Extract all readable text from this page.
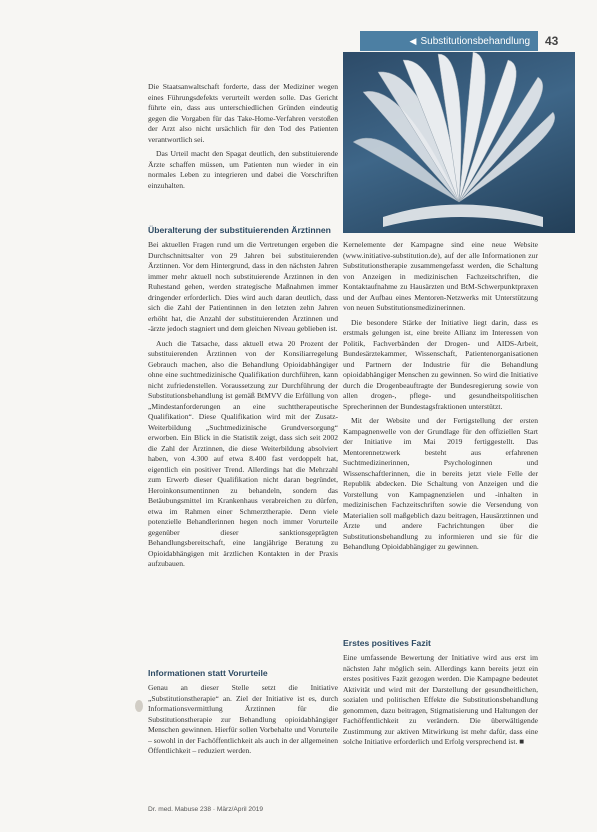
◀ Substitutionsbehandlung 43

Die Staatsanwaltschaft forderte, dass der Mediziner wegen eines Führungsdefekts verurteilt werden solle. Das Gericht führte ein, dass aus unterschiedlichen Gründen eindeutig gegen die Vorgaben für das Take-Home-Verfahren verstoßen der Arzt also nicht ursächlich für den Tod des Patienten verantwortlich sei.

Das Urteil macht den Spagat deutlich, den substituierende Ärzte schaffen müssen, um Patienten nun wieder in ein normales Leben zu integrieren und dabei die Vorschriften einzuhalten.

Überalterung der substituierenden Ärztinnen

Bei aktuellen Fragen rund um die Vertretungen ergeben die Durchschnittsalter von 29 Jahren bei substituierenden Ärztinnen. Vor dem Hintergrund, dass in den nächsten Jahren immer mehr aktuell noch substituierende Ärztinnen in den Ruhestand gehen, werden strategische Maßnahmen immer dringender erforderlich. Dies wird auch daran deutlich, dass sich die Zahl der Patientinnen in den letzten zehn Jahren erhöht hat, die Anzahl der substituierenden Ärztinnen und -ärzte jedoch stagniert und dem gleichen Niveau geblieben ist.

Auch die Tatsache, dass aktuell etwa 20 Prozent der substituierenden Ärztinnen von der Konsiliarregelung Gebrauch machen, also die Behandlung Opioidabhängiger ohne eine suchtmedizinische Qualifikation durchführen, kann nicht zufriedenstellen. Voraussetzung zur Durchführung der Substitutionsbehandlung ist gemäß BtMVV die Erfüllung von „Mindestanforderungen an eine suchttherapeutische Qualifikation“. Diese Qualifikation wird mit der Zusatz-Weiterbildung „Suchtmedizinische Grundversorgung“ erworben. Ein Blick in die Statistik zeigt, dass sich seit 2002 die Zahl der Ärztinnen, die diese Weiterbildung absolviert haben, von 4.300 auf etwa 8.400 fast verdoppelt hat, eigentlich ein positiver Trend. Allerdings hat die Mehrzahl zum Erwerb dieser Qualifikation nicht daran begründet, Heroinkonsumentinnen zu behandeln, sondern das Betäubungsmittel im Krankenhaus verabreichen zu dürfen, etwa im Rahmen einer Schmerztherapie. Denn viele potenzielle Behandlerinnen hegen noch immer Vorurteile gegenüber dieser sanktionsgeprägten Behandlungsbereitschaft, eine langjährige Beratung zu Opioidabhängigen mit ärztlichen Kontakten in der Praxis aufzubauen.

Informationen statt Vorurteile

Genau an dieser Stelle setzt die Initiative „Substitutionstherapie“ an. Ziel der Initiative ist es, durch Informationsvermittlung Ärztinnen für die Substitutionstherapie zur Behandlung opioidabhängiger Menschen gewinnen. Hierfür sollen Vorbehalte und Vorurteile – sowohl in der Fachöffentlichkeit als auch in der allgemeinen Öffentlichkeit – reduziert werden.

Kernelemente der Kampagne sind eine neue Website (www.initiative-substitution.de), auf der alle Informationen zur Substitutionstherapie zusammengefasst werden, die Schaltung von Anzeigen in medizinischen Fachzeitschriften, die Kontaktaufnahme zu Hausärzten und BtM-Schwerpunktpraxen und der Aufbau eines Mentoren-Netzwerks mit Unterstützung von neuen Substitutionsmedizinerinnen.

Die besondere Stärke der Initiative liegt darin, dass es erstmals gelungen ist, eine breite Allianz im Interessen von Politik, Fachverbänden der Drogen- und AIDS-Arbeit, Bundesärztekammer, Wissenschaft, Patientenorganisationen und Partnern der Industrie für die Behandlung opioidabhängiger Menschen zu gewinnen. So wird die Initiative durch die Drogenbeauftragte der Bundesregierung sowie von allen drogen-, pflege- und gesundheitspolitischen Sprecherinnen der Bundestagsfraktionen unterstützt.

Mit der Website und der Fertigstellung der ersten Kampagnenwelle von der Grundlage für den offiziellen Start der Initiative im Mai 2019 fertiggestellt. Das Mentorennetzwerk besteht aus erfahrenen Suchtmedizinerinnen, Psychologinnen und Wissenschaftlerinnen, die in bereits jetzt viele Felle der Republik abdecken. Die Schaltung von Anzeigen und die Vorstellung von Kampagnenzielen und -inhalten in medizinischen Fachzeitschriften sowie die Versendung von Materialien soll maßgeblich dazu beitragen, Hausärztinnen und Ärzte und andere Fachrichtungen über die Substitutionsbehandlung zu informieren und sie für die Behandlung Opioidabhängiger zu gewinnen.

Erstes positives Fazit

Eine umfassende Bewertung der Initiative wird aus erst im nächsten Jahr möglich sein. Allerdings kann bereits jetzt ein erstes positives Fazit gezogen werden. Die Kampagne bedeutet Aktivität und wird mit der Darstellung der gesundheitlichen, sozialen und politischen Effekte die Substitutionsbehandlung genommen, dazu beitragen, Stigmatisierung und Haltungen der Fachöffentlichkeit zu verändern. Die überwältigende Zustimmung zur aktiven Mitwirkung ist mehr dafür, dass eine solche Initiative erforderlich und Erfolg versprechend ist. ■

Dr. med. Mabuse 238 · März/April 2019
